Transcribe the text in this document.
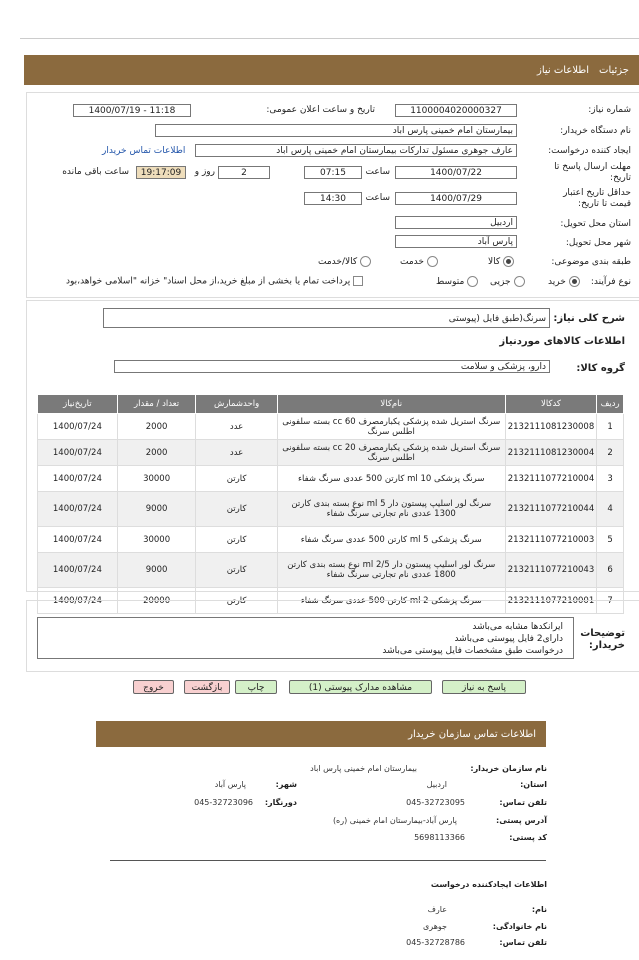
جزئیات
اطلاعات نیاز
شماره نیاز:
1100004020000327
تاریخ و ساعت اعلان عمومی:
1400/07/19 - 11:18
نام دستگاه خریدار:
بیمارستان امام خمینی پارس اباد
ایجاد کننده درخواست:
عارف جوهری مسئول تدارکات بیمارستان امام خمینی پارس اباد
اطلاعات تماس خریدار
مهلت ارسال پاسخ تا تاریخ:
1400/07/22
ساعت
07:15
2
روز و
19:17:09
ساعت باقی مانده
حداقل تاریخ اعتبار قیمت تا تاریخ:
1400/07/29
ساعت
14:30
استان محل تحویل:
اردبیل
شهر محل تحویل:
پارس آباد
طبقه بندی موضوعی:
کالا
خدمت
کالا/خدمت
نوع فرآیند:
خرید
جزیی
متوسط
پرداخت تمام یا بخشی از مبلغ خرید،از محل اسناد" خزانه "اسلامی خواهد،بود
شرح کلی نیاز:
سرنگ(طبق فایل (پیوستی
اطلاعات کالاهای موردنیاز
گروه کالا:
دارو، پزشکی و سلامت
ردیف	کدکالا	نام‌کالا	واحدشمارش	تعداد / مقدار	تاریخ‌نیاز
1	2132111081230008	سرنگ استریل شده پزشکی یکبارمصرف 60 cc بسته سلفونی اطلس سرنگ	عدد	2000	1400/07/24
2	2132111081230004	سرنگ استریل شده پزشکی یکبارمصرف 20 cc بسته سلفونی اطلس سرنگ	عدد	2000	1400/07/24
3	2132111077210004	سرنگ پزشکی 10 ml کارتن 500 عددی سرنگ شفاء	کارتن	30000	1400/07/24
4	2132111077210044	سرنگ لور اسلیپ پیستون دار 5 ml نوع بسته بندی کارتن 1300 عددی نام تجارتی سرنگ شفاء	کارتن	9000	1400/07/24
5	2132111077210003	سرنگ پزشکی 5 ml کارتن 500 عددی سرنگ شفاء	کارتن	30000	1400/07/24
6	2132111077210043	سرنگ لور اسلیپ پیستون دار 2/5 ml نوع بسته بندی کارتن 1800 عددی نام تجارتی سرنگ شفاء	کارتن	9000	1400/07/24
7	2132111077210001	سرنگ پزشکی 2 ml کارتن 500 عددی سرنگ شفاء	کارتن	20000	1400/07/24
توضیحات خریدار:
ایرانکدها مشابه می‌باشد
دارای2 فایل پیوستی می‌باشد
درخواست طبق مشخصات فایل پیوستی می‌باشد
پاسخ به نیاز
مشاهده مدارک پیوستی (1)
چاپ
بازگشت
خروج
اطلاعات تماس سازمان خریدار
نام سازمان خریدار:
بیمارستان امام خمینی پارس اباد
استان:
اردبیل
شهر:
پارس آباد
تلفن تماس:
045-32723095
دورنگار:
045-32723096
آدرس پستی:
پارس آباد-بیمارستان امام خمینی (ره)
کد پستی:
5698113366
اطلاعات ایجادکننده درخواست
نام:
عارف
نام خانوادگی:
جوهری
تلفن تماس:
045-32728786
